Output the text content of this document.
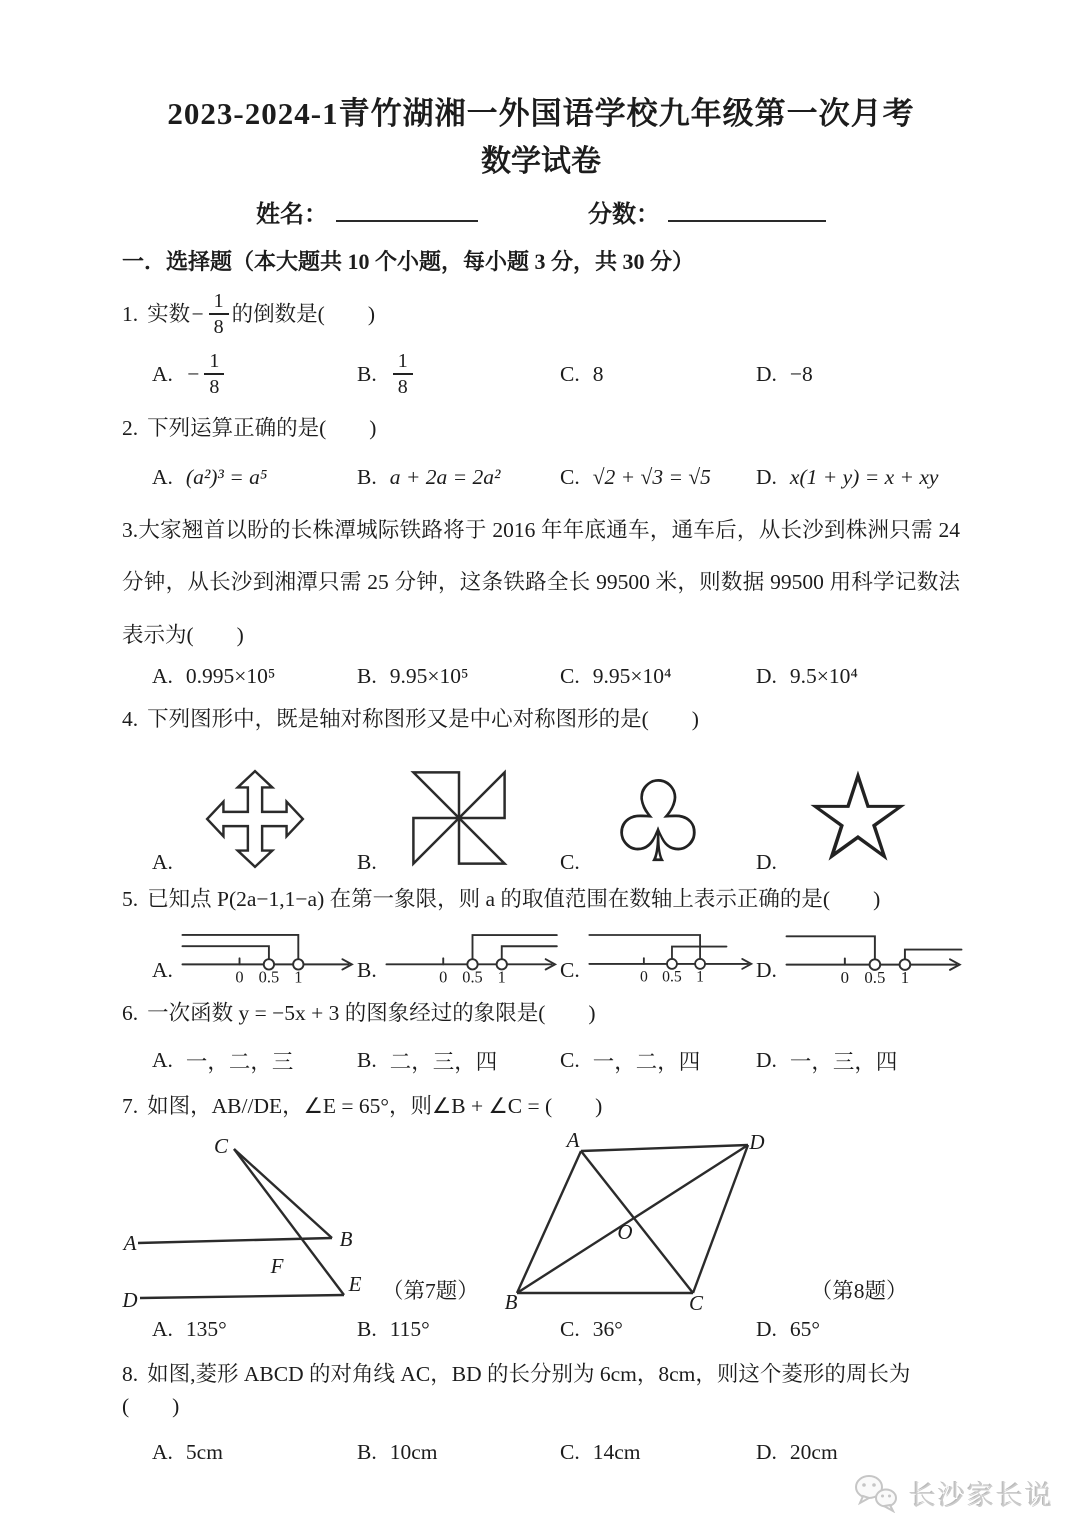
2023-2024-1青竹湖湘一外国语学校九年级第一次月考
数学试卷
姓名：	分数：
一．选择题（本大题共 10 个小题，每小题 3 分，共 30 分）
1. 实数 − $\frac{1}{8}$ 的倒数是(　　)
A. − $\frac{1}{8}$	B. $\frac{1}{8}$	C. 8	D. −8
2. 下列运算正确的是(　　)
A. (a²)³ = a⁵	B. a + 2a = 2a²	C. √2 + √3 = √5 D. x(1 + y) = x + xy
3.大家翘首以盼的长株潭城际铁路将于 2016 年年底通车，通车后，从长沙到株洲只需 24 分钟，从长沙到湘潭只需 25 分钟，这条铁路全长 99500 米，则数据 99500 用科学记数法表示为(　　)
A. 0.995×10⁵	B. 9.95×10⁵	C. 9.95×10⁴	D. 9.5×10⁴
4. 下列图形中，既是轴对称图形又是中心对称图形的是(　　)
A.	B.	C. ♧ D. ☆
5. 已知点 P(2a−1,1−a) 在第一象限，则 a 的取值范围在数轴上表示正确的是(　　)
A.	0 0.5 1	B.	0 0.5 1	C.	0 0.5 1 D.	0 0.5 1
6. 一次函数 y = −5x + 3 的图象经过的象限是(　　)
A. 一，二，三	B. 二，三，四	C. 一，二，四	D. 一，三，四
7. 如图，AB//DE，∠E = 65°，则∠B + ∠C = (　　)
C
A	B
F
D
E （第7题）
A	D
B	C
O
（第8题）
A. 135°	B. 115°	C. 36°	D. 65°
8. 如图,菱形 ABCD 的对角线 AC，BD 的长分别为 6cm，8cm，则这个菱形的周长为(　　)
A. 5cm	B. 10cm	C. 14cm	D. 20cm
长沙家长说
